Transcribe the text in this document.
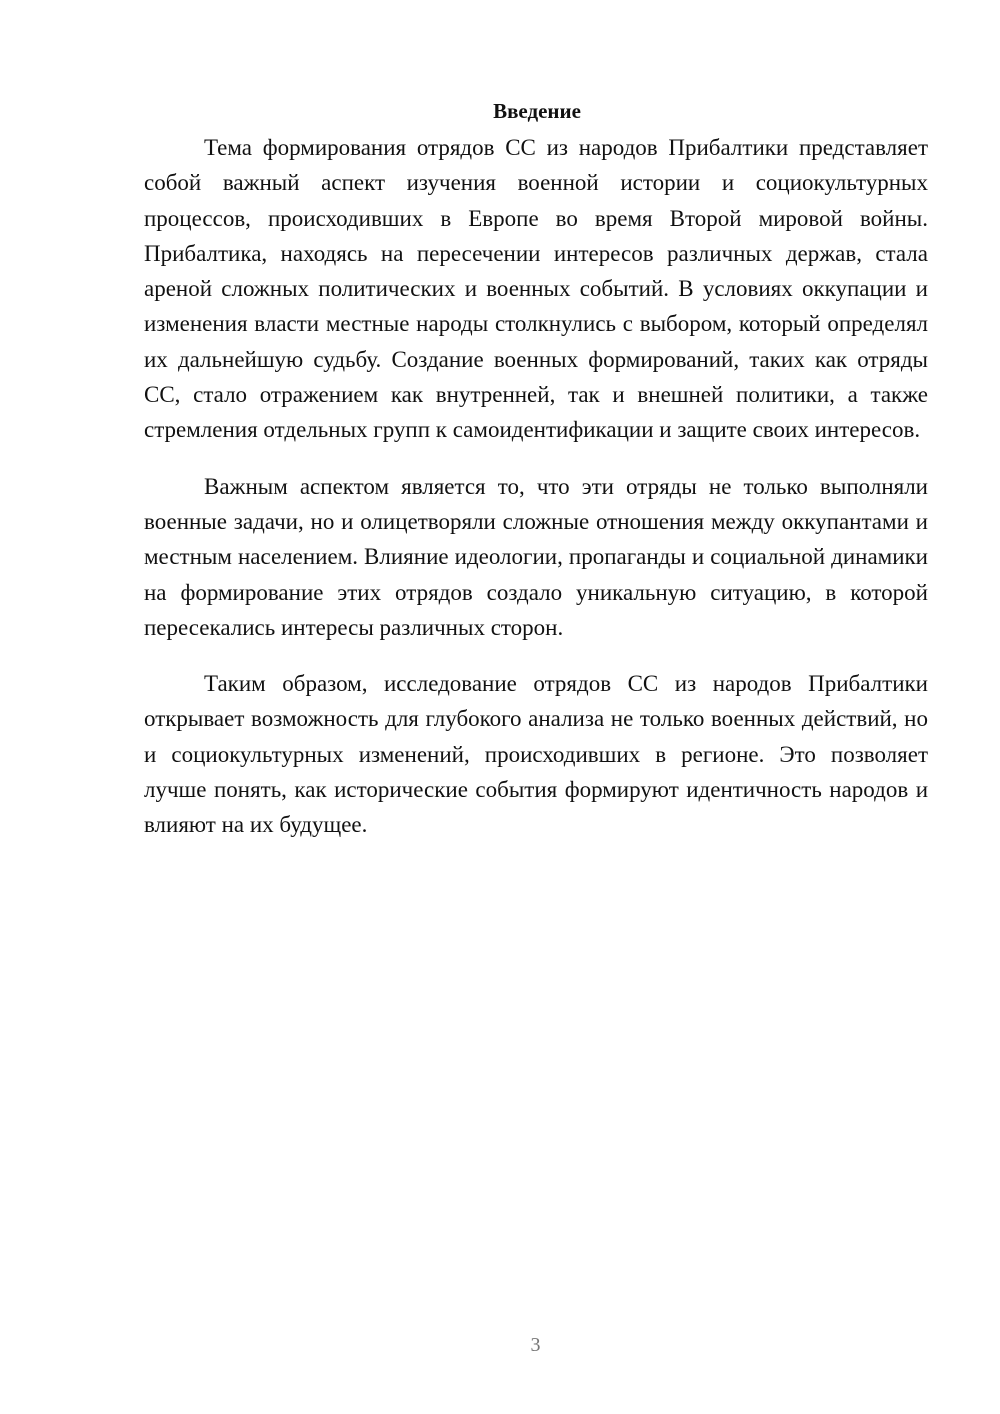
Введение

Тема формирования отрядов СС из народов Прибалтики представляет собой важный аспект изучения военной истории и социокультурных процессов, происходивших в Европе во время Второй мировой войны. Прибалтика, находясь на пересечении интересов различных держав, стала ареной сложных политических и военных событий. В условиях оккупации и изменения власти местные народы столкнулись с выбором, который определял их дальнейшую судьбу. Создание военных формирований, таких как отряды СС, стало отражением как внутренней, так и внешней политики, а также стремления отдельных групп к самоидентификации и защите своих интересов.

Важным аспектом является то, что эти отряды не только выполняли военные задачи, но и олицетворяли сложные отношения между оккупантами и местным населением. Влияние идеологии, пропаганды и социальной динамики на формирование этих отрядов создало уникальную ситуацию, в которой пересекались интересы различных сторон.

Таким образом, исследование отрядов СС из народов Прибалтики открывает возможность для глубокого анализа не только военных действий, но и социокультурных изменений, происходивших в регионе. Это позволяет лучше понять, как исторические события формируют идентичность народов и влияют на их будущее.

3
